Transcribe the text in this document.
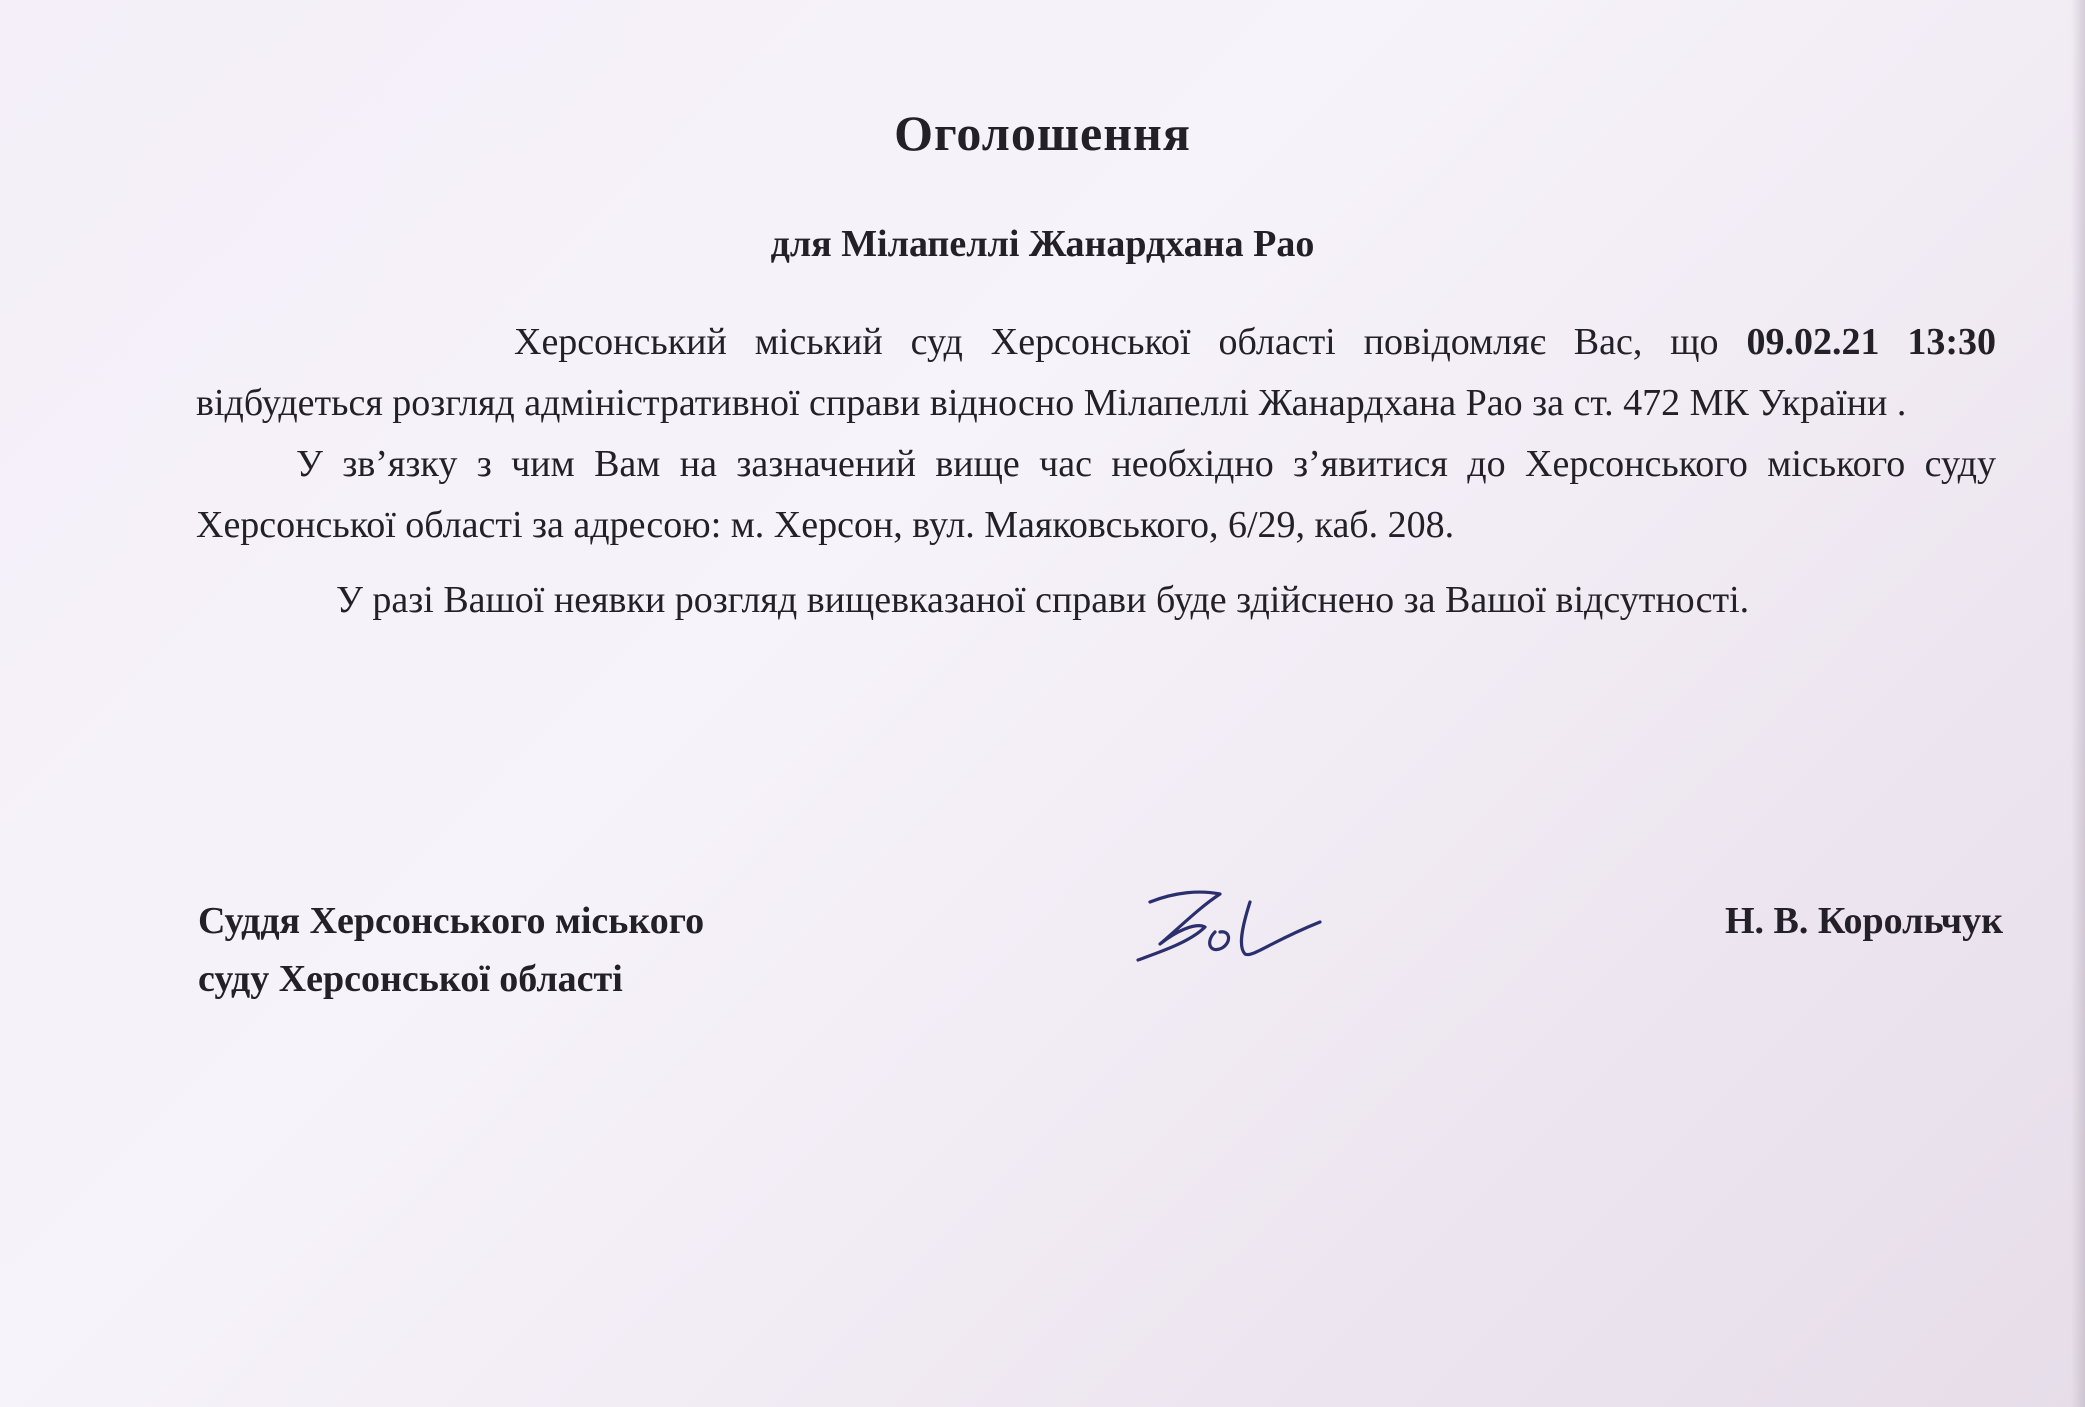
Оголошення
для Мілапеллі Жанардхана Рао

Херсонський міський суд Херсонської області повідомляє Вас, що 09.02.21 13:30 відбудеться розгляд адміністративної справи відносно Мілапеллі Жанардхана Рао за ст. 472 МК України .

У зв’язку з чим Вам на зазначений вище час необхідно з’явитися до Херсонського міського суду Херсонської області за адресою: м. Херсон, вул. Маяковського, 6/29, каб. 208.

У разі Вашої неявки розгляд вищевказаної справи буде здійснено за Вашої відсутності.

Суддя Херсонського міського
суду Херсонської області
Н. В. Корольчук
